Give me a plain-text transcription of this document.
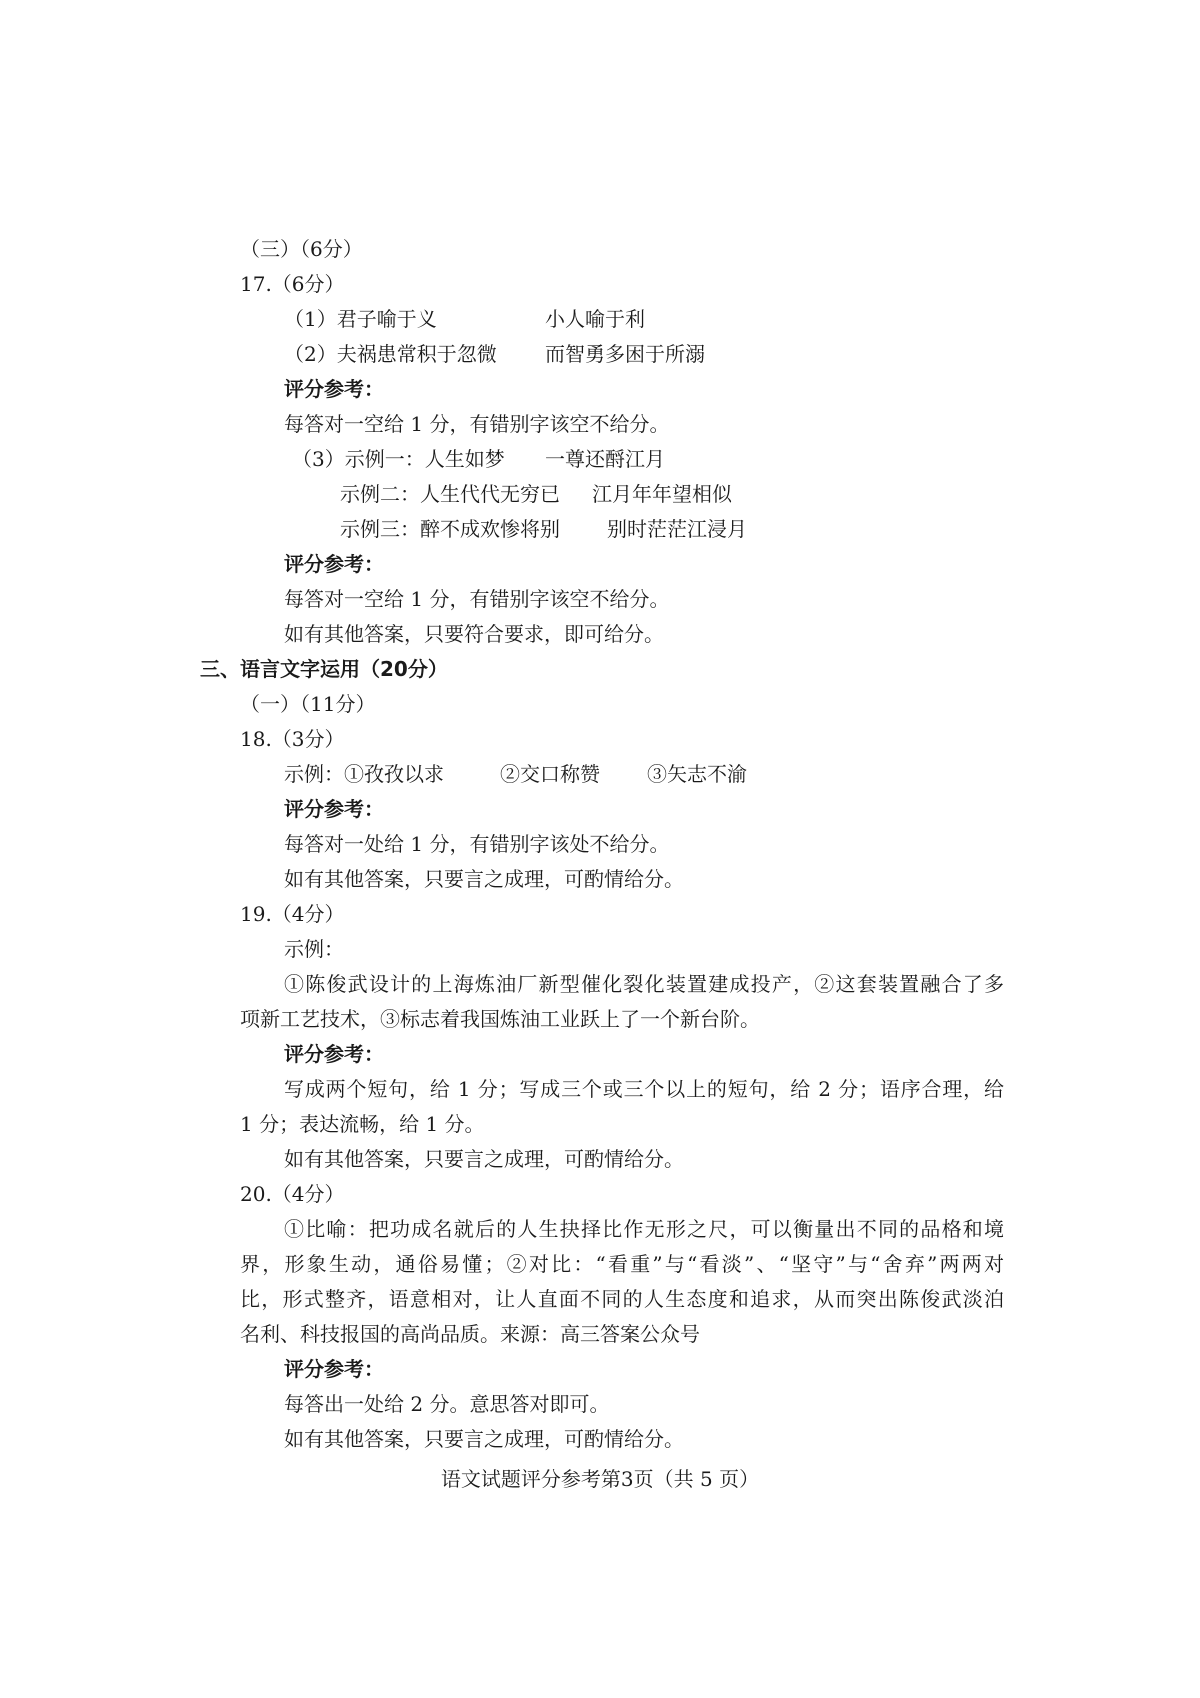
（三）（6分）
17.（6分）
（1）君子喻于义	小人喻于利
（2）夫祸患常积于忽微 而智勇多困于所溺
评分参考：
每答对一空给 1 分，有错别字该空不给分。
（3）示例一：人生如梦 一尊还酹江月
示例二：人生代代无穷已 江月年年望相似
示例三：醉不成欢惨将别 别时茫茫江浸月
评分参考：
每答对一空给 1 分，有错别字该空不给分。
如有其他答案，只要符合要求，即可给分。
三、语言文字运用（20分）
（一）（11分）
18.（3分）
示例：①孜孜以求	②交口称赞 ③矢志不渝
评分参考：
每答对一处给 1 分，有错别字该处不给分。
如有其他答案，只要言之成理，可酌情给分。
19.（4分）
示例：
①陈俊武设计的上海炼油厂新型催化裂化装置建成投产，②这套装置融合了多
项新工艺技术，③标志着我国炼油工业跃上了一个新台阶。
评分参考：
写成两个短句，给 1 分；写成三个或三个以上的短句，给 2 分；语序合理，给
1 分；表达流畅，给 1 分。
如有其他答案，只要言之成理，可酌情给分。
20.（4分）
①比喻：把功成名就后的人生抉择比作无形之尺，可以衡量出不同的品格和境
界，形象生动，通俗易懂；②对比：“看重”与“看淡”、“坚守”与“舍弃”两两对
比，形式整齐，语意相对，让人直面不同的人生态度和追求，从而突出陈俊武淡泊
名利、科技报国的高尚品质。来源：高三答案公众号
评分参考：
每答出一处给 2 分。意思答对即可。
如有其他答案，只要言之成理，可酌情给分。
语文试题评分参考第3页（共 5 页）
